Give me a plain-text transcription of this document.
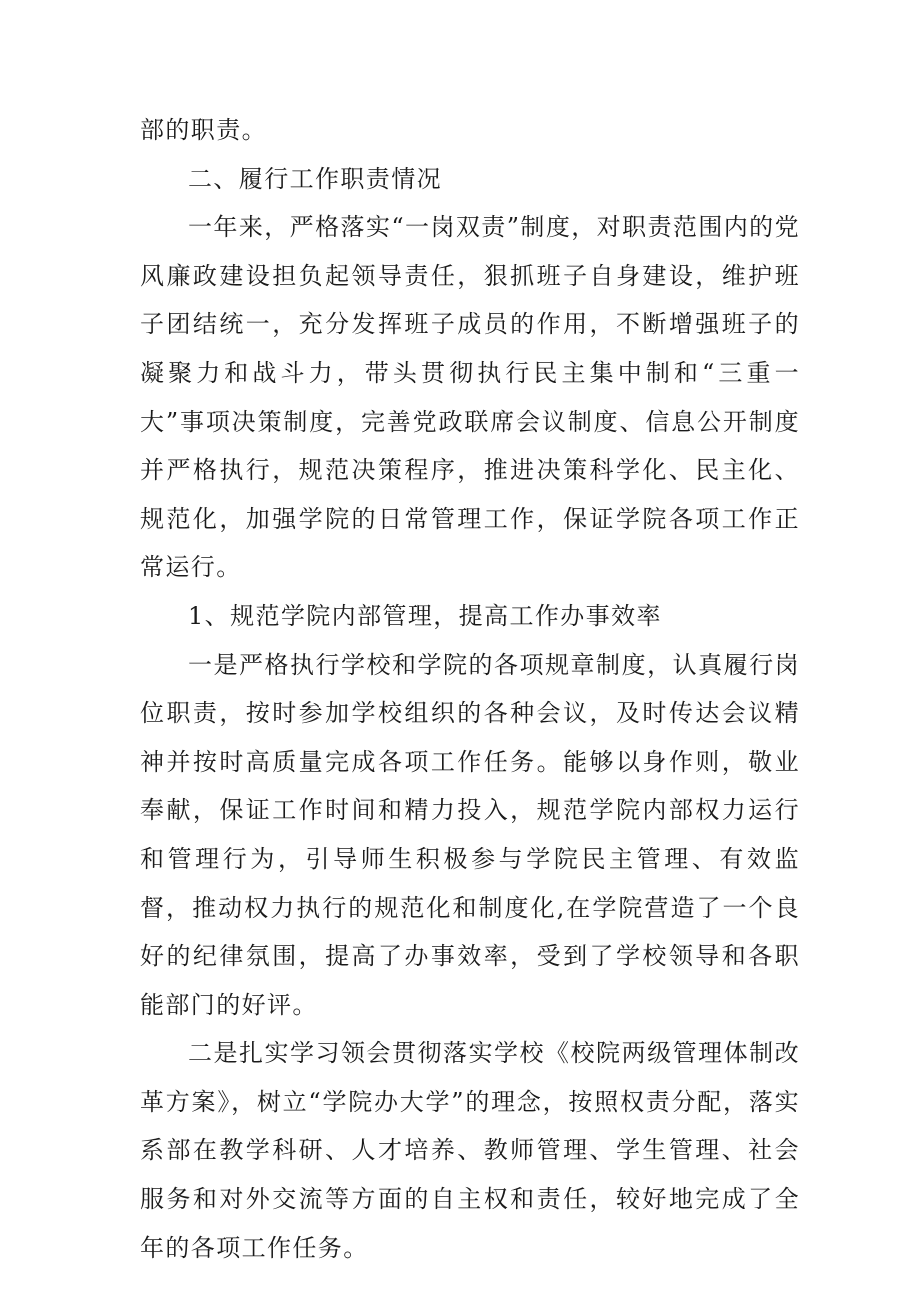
部的职责。

二、履行工作职责情况

一年来，严格落实“一岗双责”制度，对职责范围内的党风廉政建设担负起领导责任，狠抓班子自身建设，维护班子团结统一，充分发挥班子成员的作用，不断增强班子的凝聚力和战斗力，带头贯彻执行民主集中制和“三重一大”事项决策制度，完善党政联席会议制度、信息公开制度并严格执行，规范决策程序，推进决策科学化、民主化、规范化，加强学院的日常管理工作，保证学院各项工作正常运行。

1、规范学院内部管理，提高工作办事效率

一是严格执行学校和学院的各项规章制度，认真履行岗位职责，按时参加学校组织的各种会议，及时传达会议精神并按时高质量完成各项工作任务。能够以身作则，敬业奉献，保证工作时间和精力投入，规范学院内部权力运行和管理行为，引导师生积极参与学院民主管理、有效监督，推动权力执行的规范化和制度化,在学院营造了一个良好的纪律氛围，提高了办事效率，受到了学校领导和各职能部门的好评。

二是扎实学习领会贯彻落实学校《校院两级管理体制改革方案》，树立“学院办大学”的理念，按照权责分配，落实系部在教学科研、人才培养、教师管理、学生管理、社会服务和对外交流等方面的自主权和责任，较好地完成了全年的各项工作任务。
